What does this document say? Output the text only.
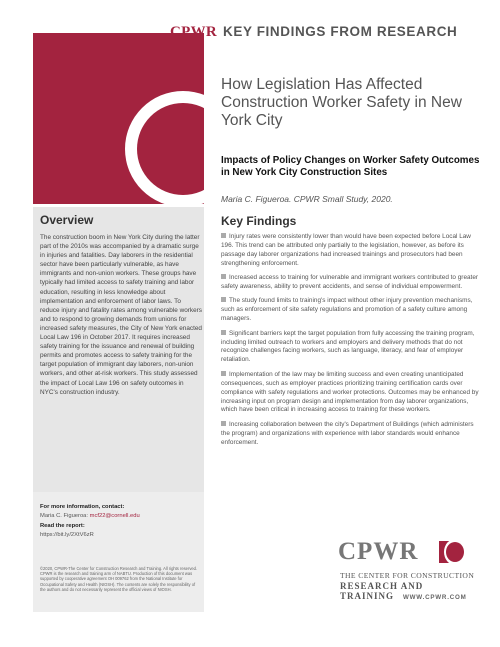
CPWR KEY FINDINGS FROM RESEARCH
How Legislation Has Affected Construction Worker Safety in New York City
Impacts of Policy Changes on Worker Safety Outcomes in New York City Construction Sites
Maria C. Figueroa. CPWR Small Study, 2020.
Overview

The construction boom in New York City during the latter part of the 2010s was accompanied by a dramatic surge in injuries and fatalities. Day laborers in the residential sector have been particularly vulnerable, as have immigrants and non-union workers. These groups have typically had limited access to safety training and labor education, resulting in less knowledge about implementation and enforcement of labor laws. To reduce injury and fatality rates among vulnerable workers and to respond to growing demands from unions for increased safety measures, the City of New York enacted Local Law 196 in October 2017. It requires increased safety training for the issuance and renewal of building permits and promotes access to safety training for the target population of immigrant day laborers, non-union workers, and other at-risk workers. This study assessed the impact of Local Law 196 on safety outcomes in NYC's construction industry.

For more information, contact:
Maria C. Figueroa: mcf22@cornell.edu
Read the report:
https://bit.ly/2XtV6zR
©2020, CPWR-The Center for Construction Research and Training. All rights reserved. CPWR is the research and training arm of NABTU. Production of this document was supported by cooperative agreement OH 009762 from the National Institute for Occupational Safety and Health (NIOSH). The contents are solely the responsibility of the authors and do not necessarily represent the official views of NIOSH.
Key Findings
Injury rates were consistently lower than would have been expected before Local Law 196. This trend can be attributed only partially to the legislation, however, as before its passage day laborer organizations had increased trainings and prosecutors had been strengthening enforcement.
Increased access to training for vulnerable and immigrant workers contributed to greater safety awareness, ability to prevent accidents, and sense of individual empowerment.
The study found limits to training's impact without other injury prevention mechanisms, such as enforcement of site safety regulations and promotion of a safety culture among managers.
Significant barriers kept the target population from fully accessing the training program, including limited outreach to workers and employers and delivery methods that do not recognize challenges facing workers, such as language, literacy, and fear of employer retaliation.
Implementation of the law may be limiting success and even creating unanticipated consequences, such as employer practices prioritizing training certification cards over compliance with safety regulations and worker protections. Outcomes may be enhanced by increasing input on program design and implementation from day laborer organizations, which have been critical in increasing access to training for these workers.
Increasing collaboration between the city's Department of Buildings (which administers the program) and organizations with experience with labor standards would enhance enforcement.
CPWR
THE CENTER FOR CONSTRUCTION
RESEARCH AND TRAINING	WWW.CPWR.COM
